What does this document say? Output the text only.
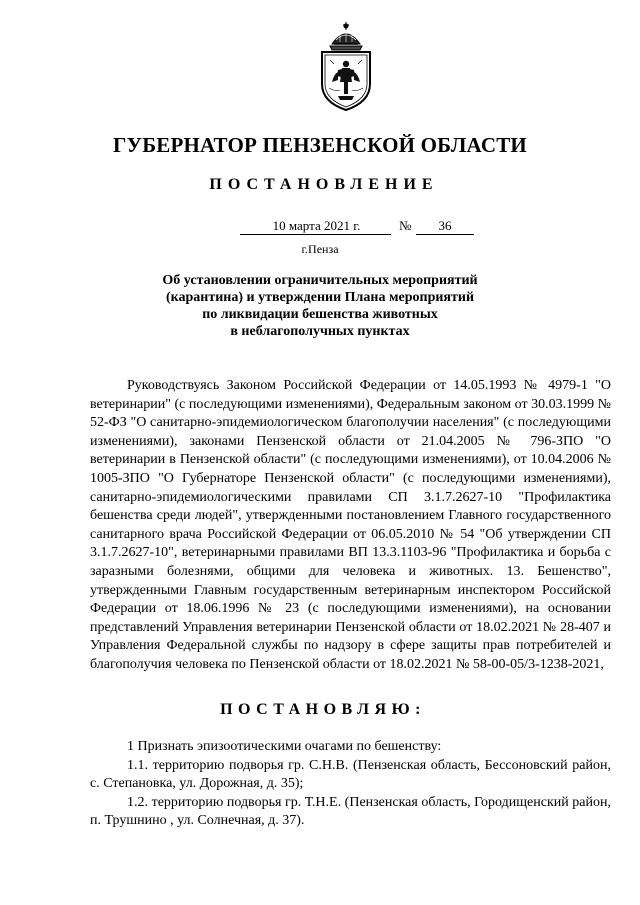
ГУБЕРНАТОР ПЕНЗЕНСКОЙ ОБЛАСТИ
ПОСТАНОВЛЕНИЕ
10 марта 2021 г.	№	36
г.Пенза
Об установлении ограничительных мероприятий
(карантина) и утверждении Плана мероприятий
по ликвидации бешенства животных
в неблагополучных пунктах

Руководствуясь Законом Российской Федерации от 14.05.1993 № 4979-1 "О ветеринарии" (с последующими изменениями), Федеральным законом от 30.03.1999 № 52-ФЗ "О санитарно-эпидемиологическом благополучии населения" (с последующими изменениями), законами Пензенской области от 21.04.2005 № 796-ЗПО "О ветеринарии в Пензенской области" (с последующими изменениями), от 10.04.2006 № 1005-ЗПО "О Губернаторе Пензенской области" (с последующими изменениями), санитарно-эпидемиологическими правилами СП 3.1.7.2627-10 "Профилактика бешенства среди людей", утвержденными постановлением Главного государственного санитарного врача Российской Федерации от 06.05.2010 № 54 "Об утверждении СП 3.1.7.2627-10", ветеринарными правилами ВП 13.3.1103-96 "Профилактика и борьба с заразными болезнями, общими для человека и животных. 13. Бешенство", утвержденными Главным государственным ветеринарным инспектором Российской Федерации от 18.06.1996 № 23 (с последующими изменениями), на основании представлений Управления ветеринарии Пензенской области от 18.02.2021 № 28-407 и Управления Федеральной службы по надзору в сфере защиты прав потребителей и благополучия человека по Пензенской области от 18.02.2021 № 58-00-05/3-1238-2021,

ПОСТАНОВЛЯЮ:

1 Признать эпизоотическими очагами по бешенству:

1.1. территорию подворья гр. С.Н.В. (Пензенская область, Бессоновский район, с. Степановка, ул. Дорожная, д. 35);

1.2. территорию подворья гр. Т.Н.Е. (Пензенская область, Городищенский район, п. Трушнино , ул. Солнечная, д. 37).
